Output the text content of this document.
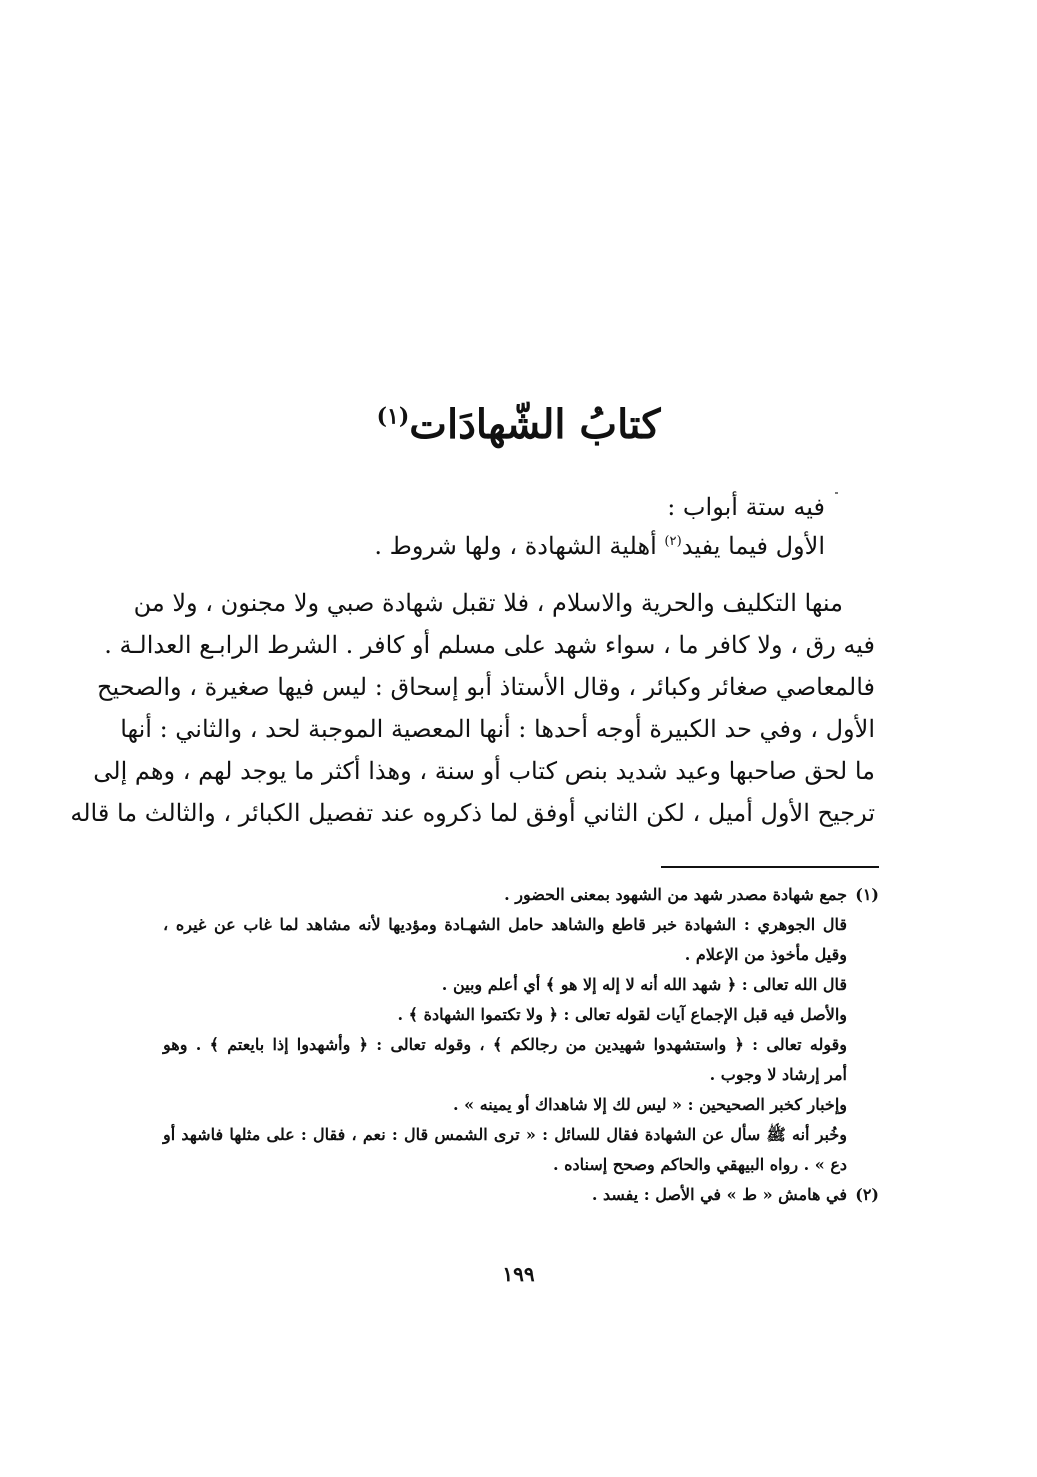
كتابُ الشّهادَات$^{(١)}$
فيه ستة أبواب :
الأول فيما يفيد$^{(٢)}$ أهلية الشهادة ، ولها شروط .
منها التكليف والحرية والاسلام ، فلا تقبل شهادة صبي ولا مجنون ، ولا من
فيه رق ، ولا كافر ما ، سواء شهد على مسلم أو كافر . الشرط الرابـع العدالـة .
فالمعاصي صغائر وكبائر ، وقال الأستاذ أبو إسحاق : ليس فيها صغيرة ، والصحيح
الأول ، وفي حد الكبيرة أوجه أحدها : أنها المعصية الموجبة لحد ، والثاني : أنها
ما لحق صاحبها وعيد شديد بنص كتاب أو سنة ، وهذا أكثر ما يوجد لهم ، وهم إلى
ترجيح الأول أميل ، لكن الثاني أوفق لما ذكروه عند تفصيل الكبائر ، والثالث ما قاله
(١)جمع شهادة مصدر شهد من الشهود بمعنى الحضور .
قال الجوهري : الشهادة خبر قاطع والشاهد حامل الشهـادة ومؤديها لأنه مشاهد لما غاب عن غيره ،
وقيل مأخوذ من الإعلام .
قال الله تعالى : ﴿ شهد الله أنه لا إله إلا هو ﴾ أي أعلم وبين .
والأصل فيه قبل الإجماع آيات لقوله تعالى : ﴿ ولا تكتموا الشهادة ﴾ .
وقوله تعالى : ﴿ واستشهدوا شهيدين من رجالكم ﴾ ، وقوله تعالى : ﴿ وأشهدوا إذا بايعتم ﴾ . وهو
أمر إرشاد لا وجوب .
وإخبار كخبر الصحيحين : « ليس لك إلا شاهداك أو يمينه » .
وخُبر أنه ﷺ سأل عن الشهادة فقال للسائل : « ترى الشمس قال : نعم ، فقال : على مثلها فاشهد أو
دع » . رواه البيهقي والحاكم وصحح إسناده .
(٢)في هامش « ط » في الأصل : يفسد .
١٩٩
